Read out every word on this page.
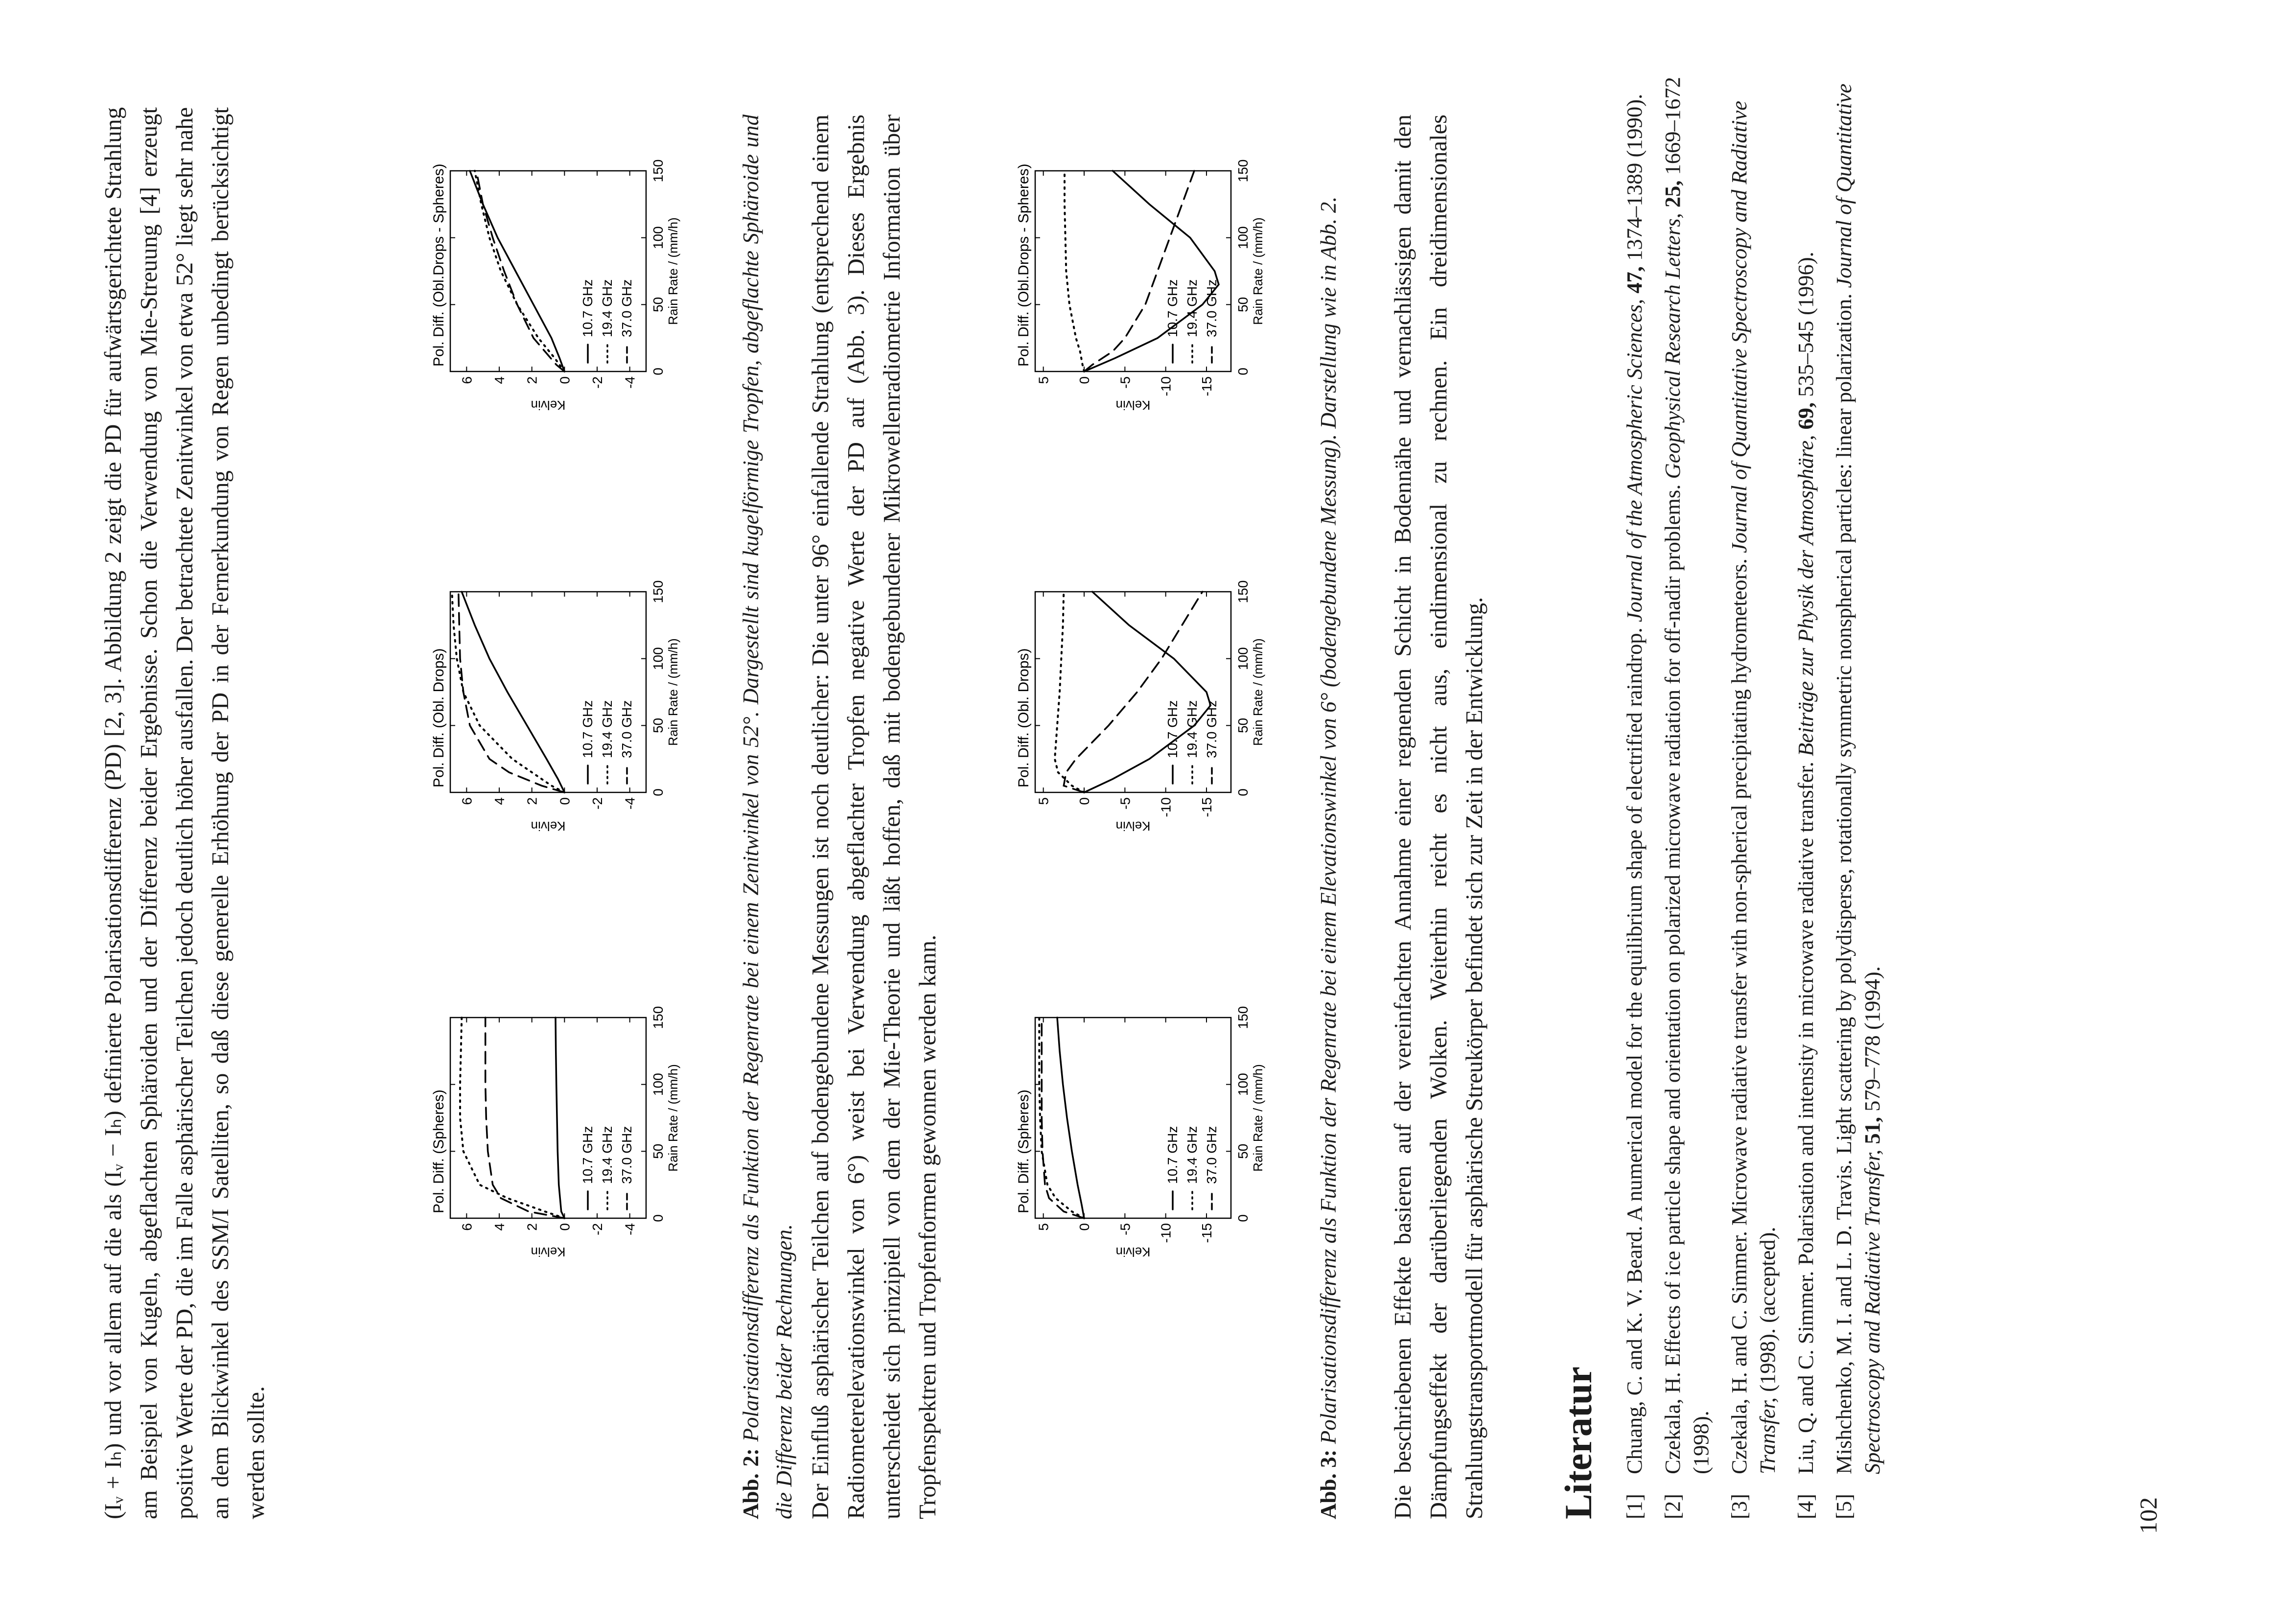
(Iᵥ + Iₕ) und vor allem auf die als (Iᵥ − Iₕ) definierte Polarisationsdifferenz (PD) [2, 3]. Abbildung 2 zeigt die PD für aufwärtsgerichtete Strahlung am Beispiel von Kugeln, abgeflachten Sphäroiden und der Differenz beider Ergebnisse. Schon die Verwendung von Mie-Streuung [4] erzeugt positive Werte der PD, die im Falle asphärischer Teilchen jedoch deutlich höher ausfallen. Der betrachtete Zenitwinkel von etwa 52° liegt sehr nahe an dem Blickwinkel des SSM/I Satelliten, so daß diese generelle Erhöhung der PD in der Fernerkundung von Regen unbedingt berücksichtigt werden sollte.

Pol. Diff. (Spheres)
-4
-2
0
2
4
6
0
50
100
150
Rain Rate / (mm/h)
Kelvin
10.7 GHz 19.4 GHz 37.0 GHz
Pol. Diff. (Obl. Drops)
-4
-2
0
2
4
6
0
50
100
150
Rain Rate / (mm/h)
Kelvin
10.7 GHz 19.4 GHz 37.0 GHz
Pol. Diff. (Obl.Drops - Spheres)
-4
-2
0
2
4
6
0
50
100
150
Rain Rate / (mm/h)
Kelvin
10.7 GHz 19.4 GHz 37.0 GHz

Abb. 2: Polarisationsdifferenz als Funktion der Regenrate bei einem Zenitwinkel von 52°. Dargestellt sind kugelförmige Tropfen, abgeflachte Sphäroide und die Differenz beider Rechnungen. Der Einfluß asphärischer Teilchen auf bodengebundene Messungen ist noch deutlicher: Die unter 96° einfallende Strahlung (entsprechend einem Radiometerelevationswinkel von 6°) weist bei Verwendung abgeflachter Tropfen negative Werte der PD auf (Abb. 3). Dieses Ergebnis unterscheidet sich prinzipiell von dem der Mie-Theorie und läßt hoffen, daß mit bodengebundener Mikrowellenradiometrie Information über Tropfenspektren und Tropfenformen gewonnen werden kann.	Pol. Diff. (Spheres)
-15
-10
-5
0
5
0
50
100
150
Rain Rate / (mm/h)
Kelvin
10.7 GHz 19.4 GHz 37.0 GHz
Pol. Diff. (Obl. Drops)
-15
-10
-5
0
5
0
50
100
150
Rain Rate / (mm/h)
Kelvin
10.7 GHz 19.4 GHz 37.0 GHz
Pol. Diff. (Obl.Drops - Spheres)
-15
-10
-5
0
5
0
50
100
150
Rain Rate / (mm/h)
Kelvin
10.7 GHz 19.4 GHz 37.0 GHz

Abb. 3: Polarisationsdifferenz als Funktion der Regenrate bei einem Elevationswinkel von 6° (bodengebundene Messung). Darstellung wie in Abb. 2. Die beschriebenen Effekte basieren auf der vereinfachten Annahme einer regnenden Schicht in Bodennähe und vernachlässigen damit den Dämpfungseffekt der darüberliegenden Wolken. Weiterhin reicht es nicht aus, eindimensional zu rechnen. Ein dreidimensionales Strahlungstransportmodell für asphärische Streukörper befindet sich zur Zeit in der Entwicklung. Literatur [1]
Chuang, C. and K. V. Beard. A numerical model for the equilibrium shape of electrified raindrop. Journal of the Atmospheric Sciences, 47, 1374–1389 (1990).
[2]
Czekala, H. Effects of ice particle shape and orientation on polarized microwave radiation for off-nadir problems. Geophysical Research Letters, 25, 1669–1672 (1998).
[3]
Czekala, H. and C. Simmer. Microwave radiative transfer with non-spherical precipitating hydrometeors. Journal of Quantitative Spectroscopy and Radiative Transfer, (1998). (accepted).
[4]
Liu, Q. and C. Simmer. Polarisation and intensity in microwave radiative transfer. Beiträge zur Physik der Atmosphäre, 69, 535–545 (1996).
[5]
Mishchenko, M. I. and L. D. Travis. Light scattering by polydisperse, rotationally symmetric nonspherical particles: linear polarization. Journal of Quantitative Spectroscopy and Radiative Transfer, 51, 579–778 (1994).
102
